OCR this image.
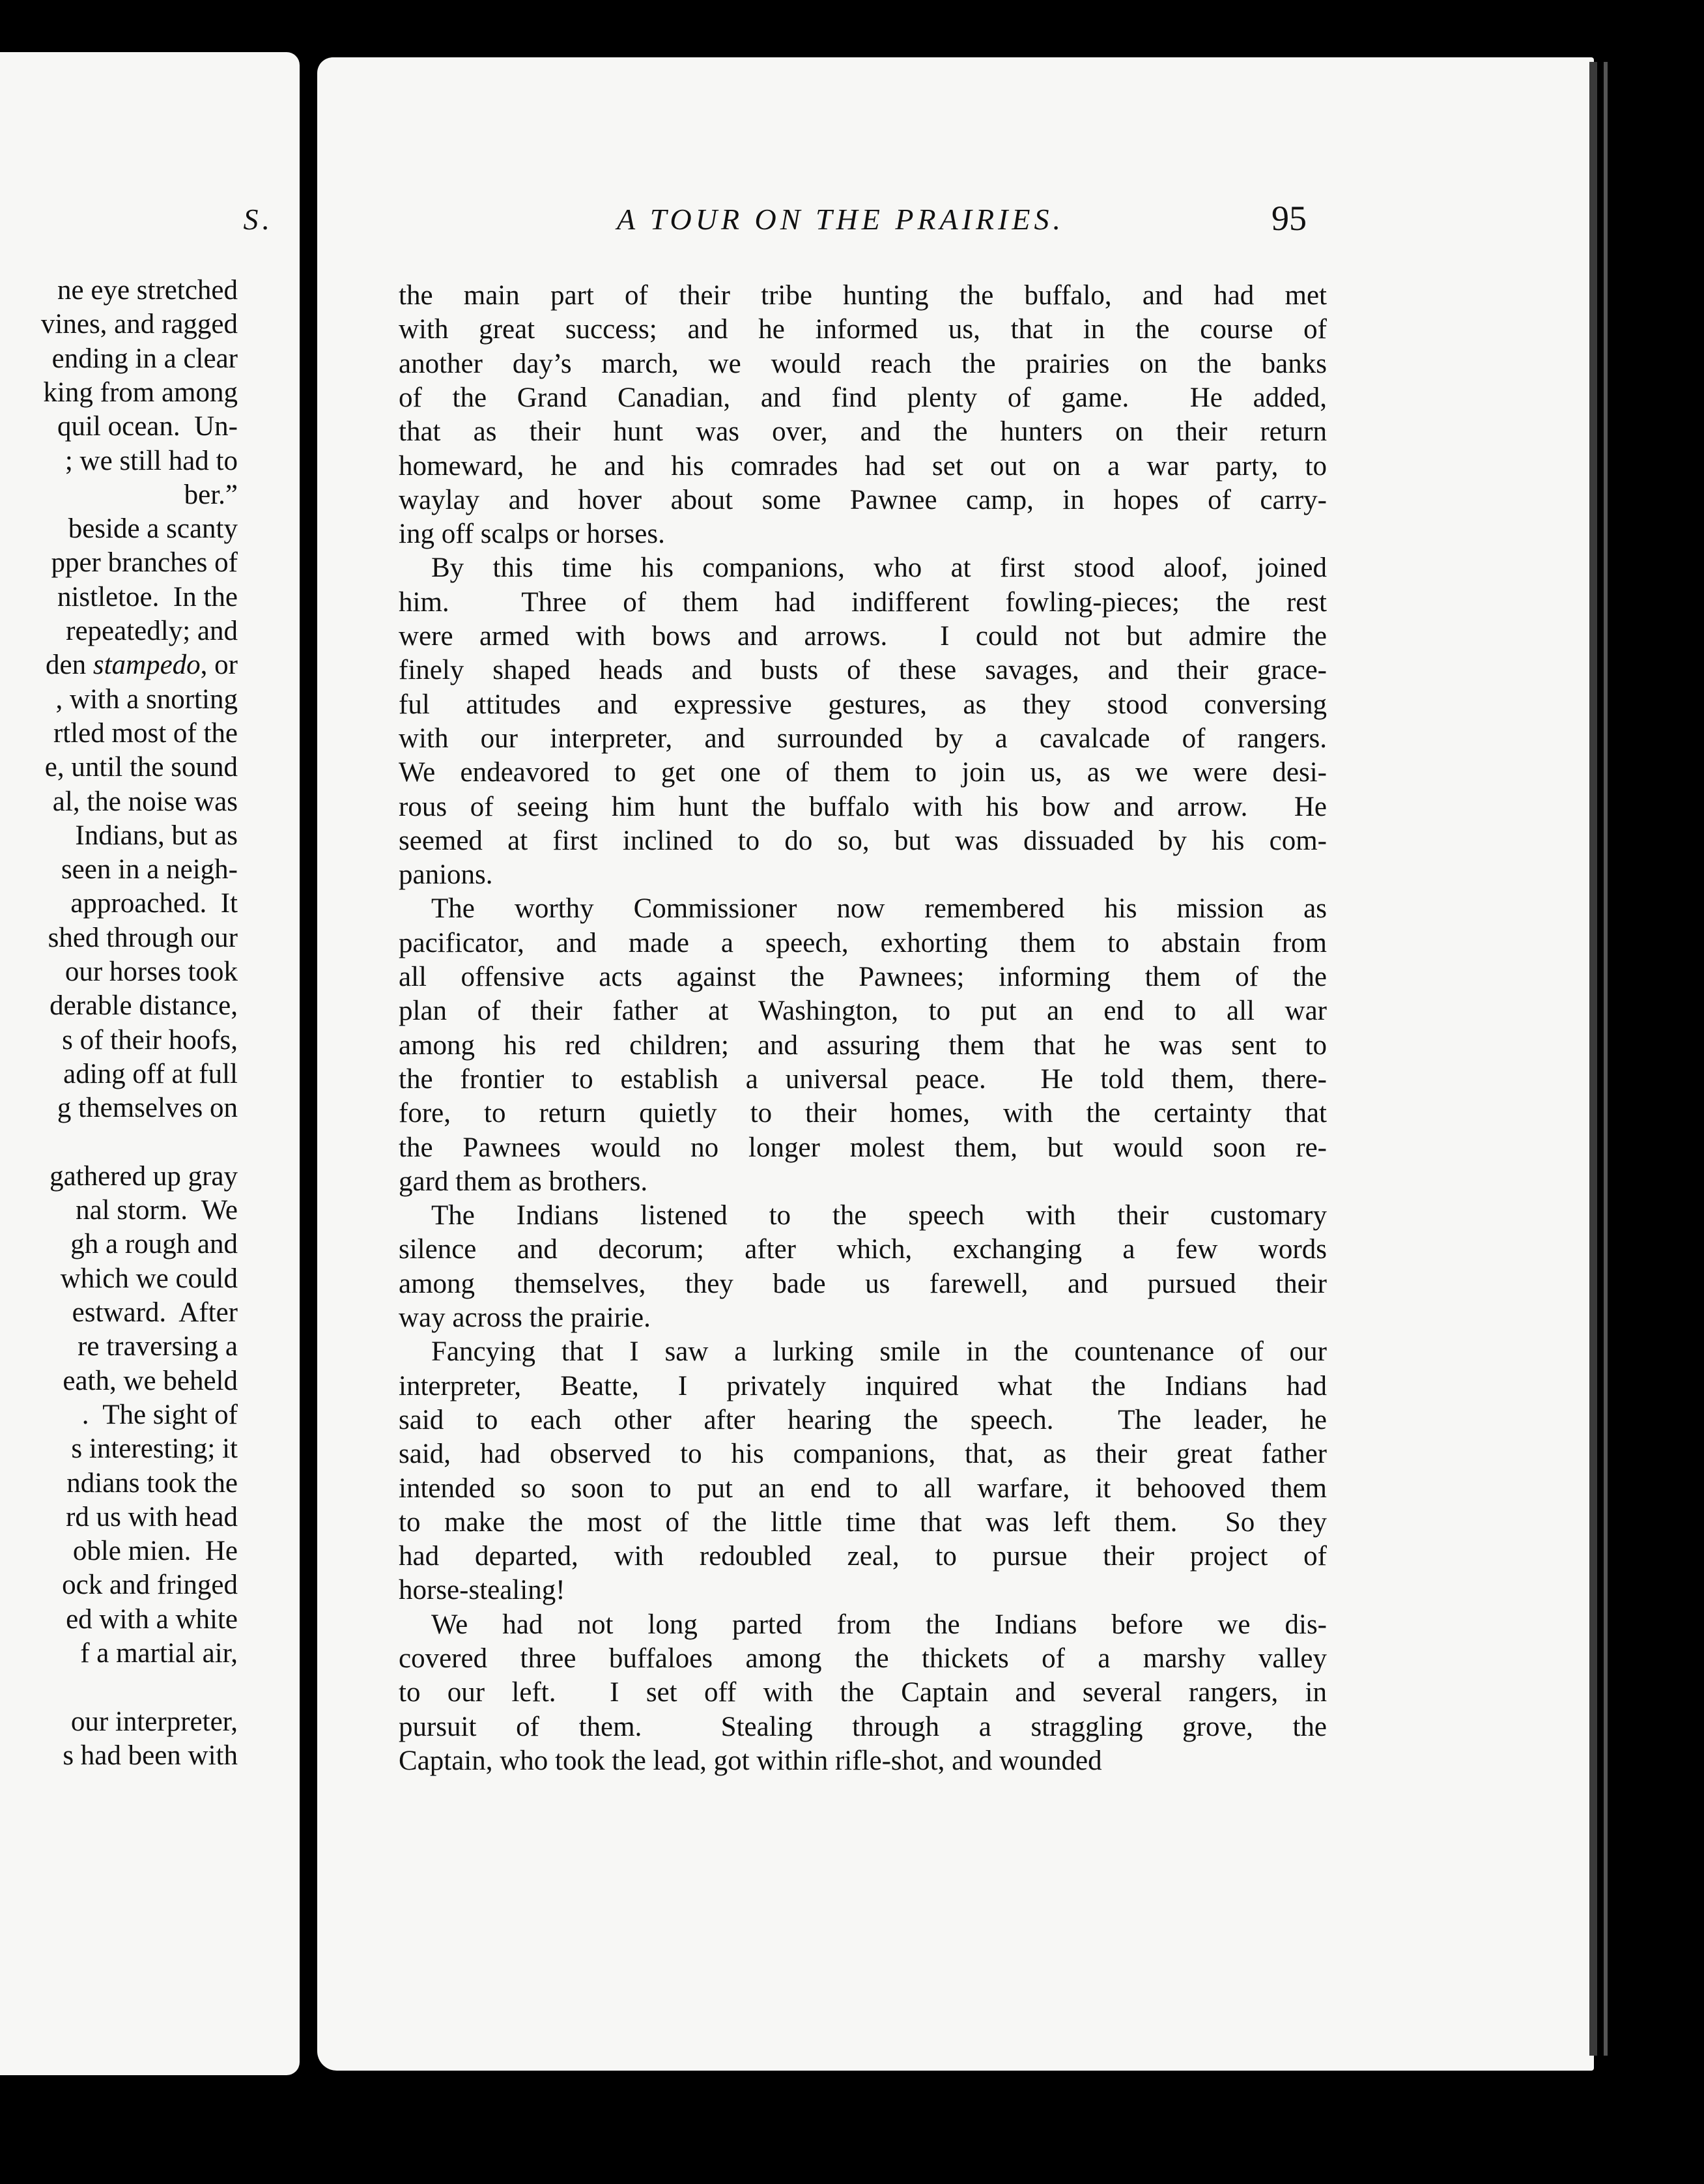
S.
ne eye stretched
vines, and ragged
ending in a clear
king from among
quil ocean.  Un-
; we still had to
ber.”
beside a scanty
pper branches of
nistletoe.  In the
repeatedly; and
den stampedo, or
, with a snorting
rtled most of the
e, until the sound
al, the noise was
Indians, but as
seen in a neigh-
approached.  It
shed through our
our horses took
derable distance,
s of their hoofs,
ading off at full
g themselves on
gathered up gray
nal storm.  We
gh a rough and
which we could
estward.  After
re traversing a
eath, we beheld
.  The sight of
s interesting; it
ndians took the
rd us with head
oble mien.  He
ock and fringed
ed with a white
f a martial air,
our interpreter,
s had been with
A TOUR ON THE PRAIRIES.	95
the main part of their tribe hunting the buffalo, and had met
with great success; and he informed us, that in the course of
another day’s march, we would reach the prairies on the banks
of the Grand Canadian, and find plenty of game.  He added,
that as their hunt was over, and the hunters on their return
homeward, he and his comrades had set out on a war party, to
waylay and hover about some Pawnee camp, in hopes of carry-
ing off scalps or horses.
By this time his companions, who at first stood aloof, joined
him.  Three of them had indifferent fowling-pieces; the rest
were armed with bows and arrows.  I could not but admire the
finely shaped heads and busts of these savages, and their grace-
ful attitudes and expressive gestures, as they stood conversing
with our interpreter, and surrounded by a cavalcade of rangers.
We endeavored to get one of them to join us, as we were desi-
rous of seeing him hunt the buffalo with his bow and arrow.  He
seemed at first inclined to do so, but was dissuaded by his com-
panions.
The worthy Commissioner now remembered his mission as
pacificator, and made a speech, exhorting them to abstain from
all offensive acts against the Pawnees; informing them of the
plan of their father at Washington, to put an end to all war
among his red children; and assuring them that he was sent to
the frontier to establish a universal peace.  He told them, there-
fore, to return quietly to their homes, with the certainty that
the Pawnees would no longer molest them, but would soon re-
gard them as brothers.
The Indians listened to the speech with their customary
silence and decorum; after which, exchanging a few words
among themselves, they bade us farewell, and pursued their
way across the prairie.
Fancying that I saw a lurking smile in the countenance of our
interpreter, Beatte, I privately inquired what the Indians had
said to each other after hearing the speech.  The leader, he
said, had observed to his companions, that, as their great father
intended so soon to put an end to all warfare, it behooved them
to make the most of the little time that was left them.  So they
had departed, with redoubled zeal, to pursue their project of
horse-stealing!
We had not long parted from the Indians before we dis-
covered three buffaloes among the thickets of a marshy valley
to our left.  I set off with the Captain and several rangers, in
pursuit of them.  Stealing through a straggling grove, the
Captain, who took the lead, got within rifle-shot, and wounded
